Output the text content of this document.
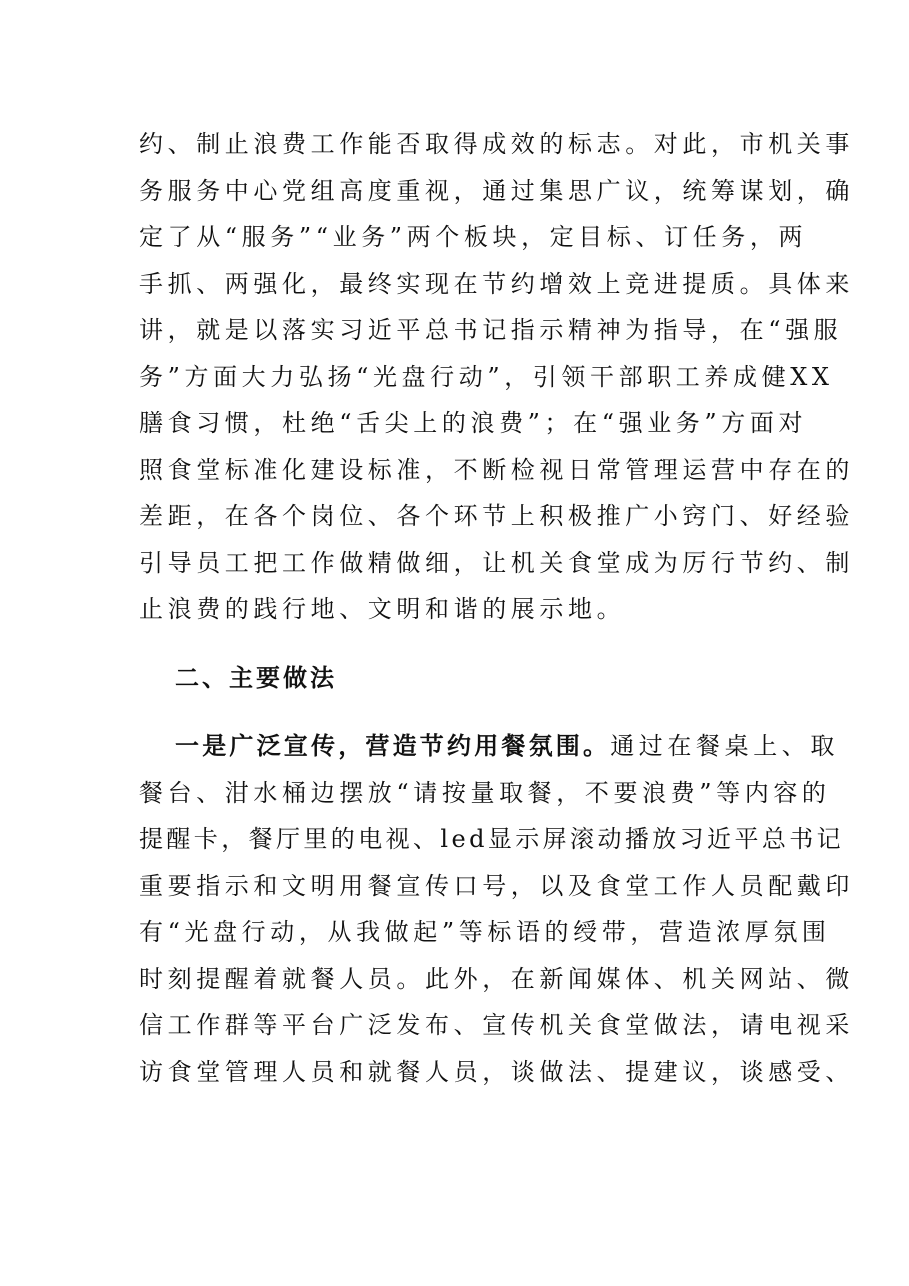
约、制止浪费工作能否取得成效的标志。对此，市机关事
务服务中心党组高度重视，通过集思广议，统筹谋划，确
定了从“服务”“业务”两个板块，定目标、订任务，两
手抓、两强化，最终实现在节约增效上竞进提质。具体来
讲，就是以落实习近平总书记指示精神为指导，在“强服
务”方面大力弘扬“光盘行动”，引领干部职工养成健XX
膳食习惯，杜绝“舌尖上的浪费”；在“强业务”方面对
照食堂标准化建设标准，不断检视日常管理运营中存在的
差距，在各个岗位、各个环节上积极推广小窍门、好经验
引导员工把工作做精做细，让机关食堂成为厉行节约、制
止浪费的践行地、文明和谐的展示地。
二、主要做法
一是广泛宣传，营造节约用餐氛围。通过在餐桌上、取
餐台、泔水桶边摆放“请按量取餐，不要浪费”等内容的
提醒卡，餐厅里的电视、led显示屏滚动播放习近平总书记
重要指示和文明用餐宣传口号，以及食堂工作人员配戴印
有“光盘行动，从我做起”等标语的绶带，营造浓厚氛围
时刻提醒着就餐人员。此外，在新闻媒体、机关网站、微
信工作群等平台广泛发布、宣传机关食堂做法，请电视采
访食堂管理人员和就餐人员，谈做法、提建议，谈感受、
